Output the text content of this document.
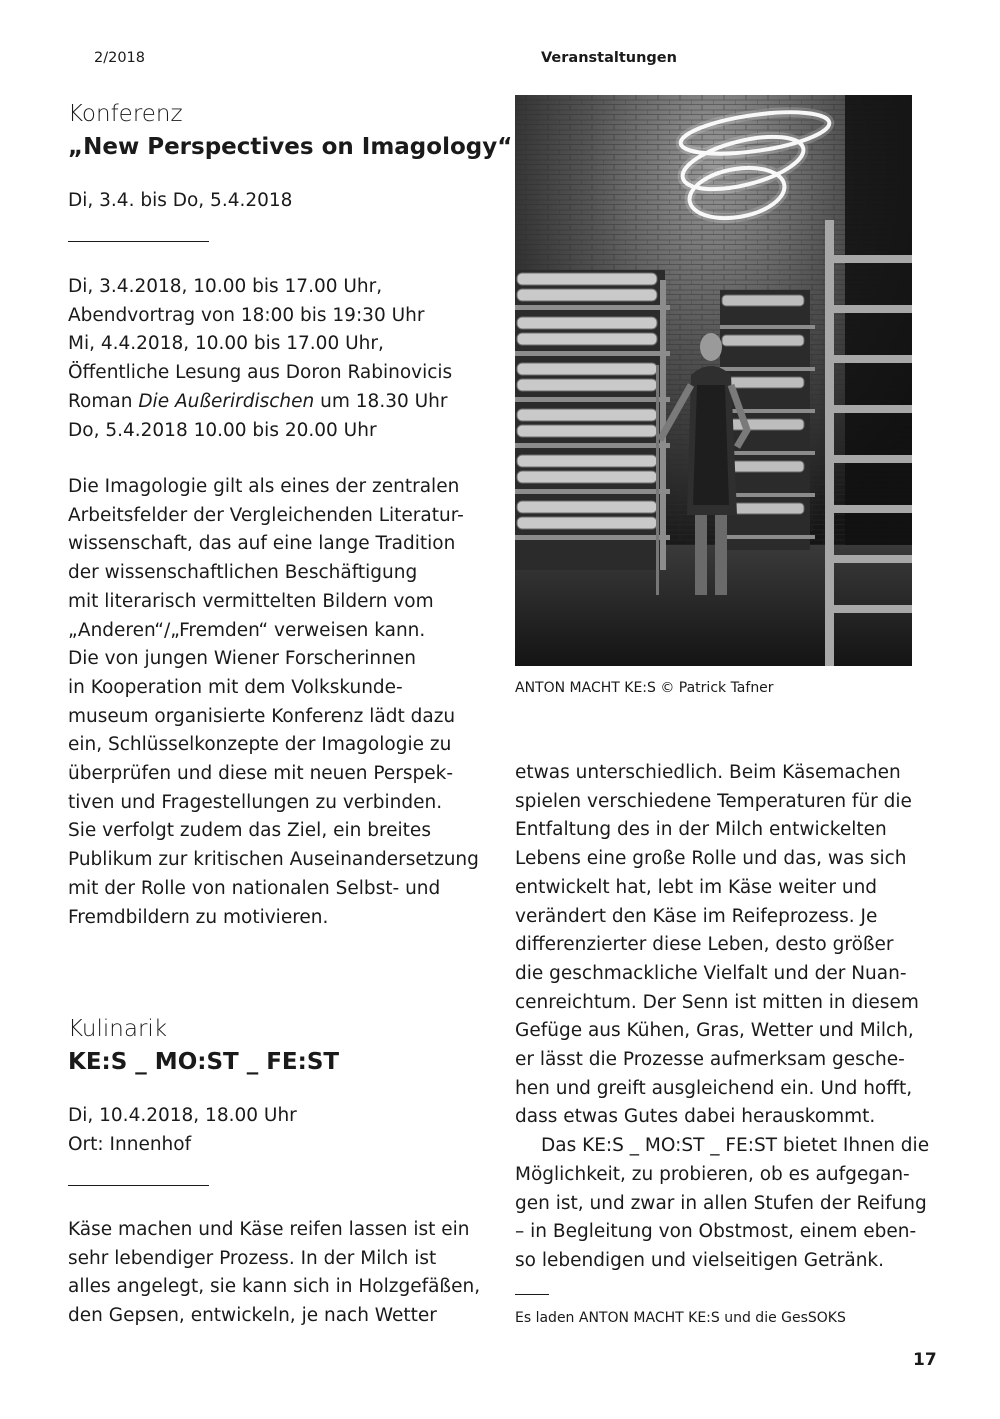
2/2018	Veranstaltungen
Konferenz
„New Perspectives on Imagology“
Di, 3.4. bis Do, 5.4.2018

Di, 3.4.2018, 10.00 bis 17.00 Uhr,

Abendvortrag von 18:00 bis 19:30 Uhr

Mi, 4.4.2018, 10.00 bis 17.00 Uhr,

Öffentliche Lesung aus Doron Rabinovicis

Roman Die Außerirdischen um 18.30 Uhr

Do, 5.4.2018 10.00 bis 20.00 Uhr

Die Imagologie gilt als eines der zentralen

Arbeitsfelder der Vergleichenden Literatur-

wissenschaft, das auf eine lange Tradition

der wissenschaftlichen Beschäftigung

mit literarisch vermittelten Bildern vom

„Anderen“/„Fremden“ verweisen kann.

Die von jungen Wiener Forscherinnen

in Kooperation mit dem Volkskunde-

museum organisierte Konferenz lädt dazu

ein, Schlüsselkonzepte der Imagologie zu

überprüfen und diese mit neuen Perspek-

tiven und Fragestellungen zu verbinden.

Sie verfolgt zudem das Ziel, ein breites

Publikum zur kritischen Auseinandersetzung

mit der Rolle von nationalen Selbst- und

Fremdbildern zu motivieren.

Kulinarik
KE:S _ MO:ST _ FE:ST

Di, 10.4.2018, 18.00 Uhr

Ort: Innenhof

Käse machen und Käse reifen lassen ist ein

sehr lebendiger Prozess. In der Milch ist

alles angelegt, sie kann sich in Holzgefäßen,

den Gepsen, entwickeln, je nach Wetter

ANTON MACHT KE:S © Patrick Tafner

etwas unterschiedlich. Beim Käsemachen

spielen verschiedene Temperaturen für die

Entfaltung des in der Milch entwickelten

Lebens eine große Rolle und das, was sich

entwickelt hat, lebt im Käse weiter und

verändert den Käse im Reifeprozess. Je

differenzierter diese Leben, desto größer

die geschmackliche Vielfalt und der Nuan-

cenreichtum. Der Senn ist mitten in diesem

Gefüge aus Kühen, Gras, Wetter und Milch,

er lässt die Prozesse aufmerksam gesche-

hen und greift ausgleichend ein. Und hofft,

dass etwas Gutes dabei herauskommt.

Das KE:S _ MO:ST _ FE:ST bietet Ihnen die

Möglichkeit, zu probieren, ob es aufgegan-

gen ist, und zwar in allen Stufen der Reifung

– in Begleitung von Obstmost, einem eben-

so lebendigen und vielseitigen Getränk.

Es laden ANTON MACHT KE:S und die GesSOKS
17
